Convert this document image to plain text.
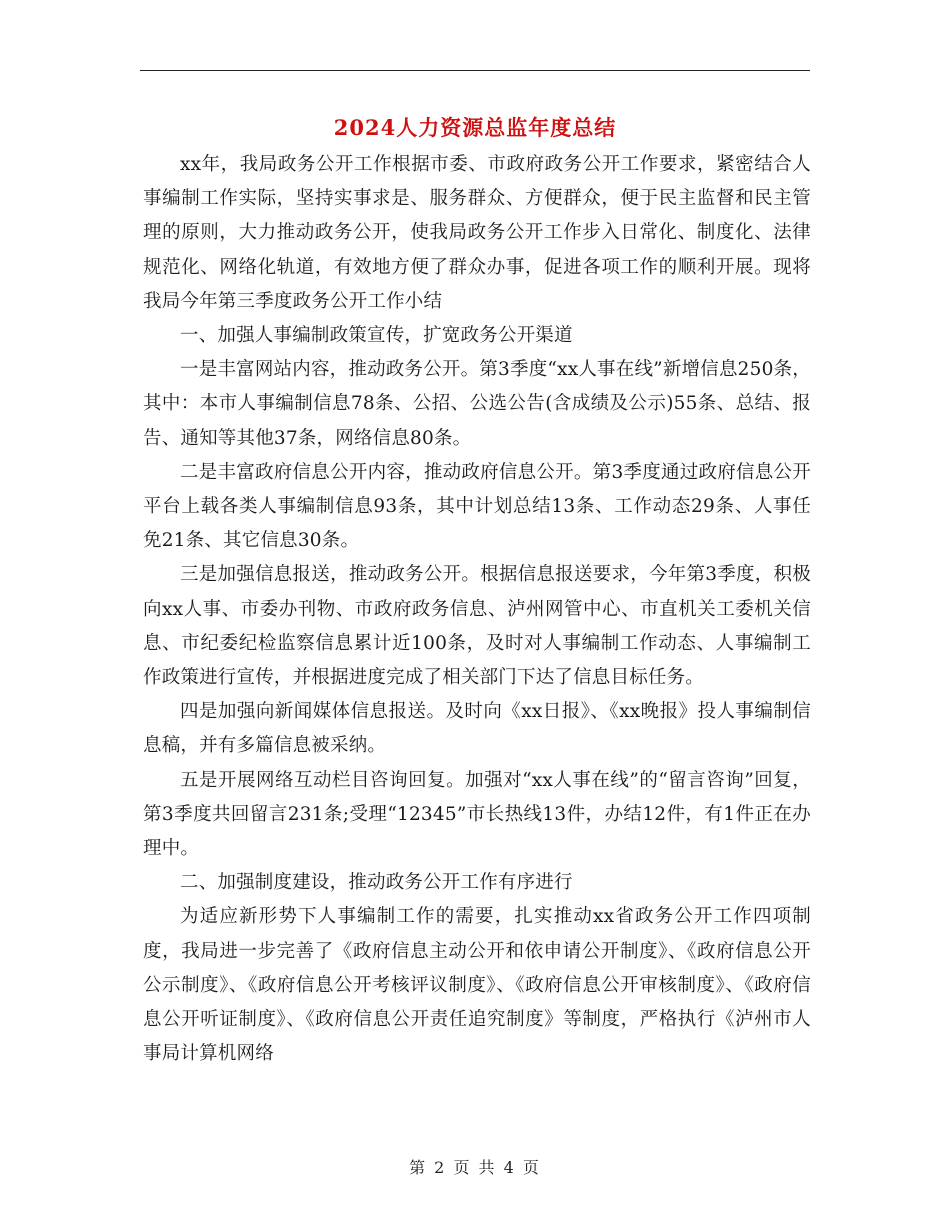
2024人力资源总监年度总结

xx年，我局政务公开工作根据市委、市政府政务公开工作要求，紧密结合人事编制工作实际，坚持实事求是、服务群众、方便群众，便于民主监督和民主管理的原则，大力推动政务公开，使我局政务公开工作步入日常化、制度化、法律规范化、网络化轨道，有效地方便了群众办事，促进各项工作的顺利开展。现将我局今年第三季度政务公开工作小结

一、加强人事编制政策宣传，扩宽政务公开渠道

一是丰富网站内容，推动政务公开。第3季度“xx人事在线”新增信息250条，其中：本市人事编制信息78条、公招、公选公告(含成绩及公示)55条、总结、报告、通知等其他37条，网络信息80条。

二是丰富政府信息公开内容，推动政府信息公开。第3季度通过政府信息公开平台上载各类人事编制信息93条，其中计划总结13条、工作动态29条、人事任免21条、其它信息30条。

三是加强信息报送，推动政务公开。根据信息报送要求，今年第3季度，积极向xx人事、市委办刊物、市政府政务信息、泸州网管中心、市直机关工委机关信息、市纪委纪检监察信息累计近100条，及时对人事编制工作动态、人事编制工作政策进行宣传，并根据进度完成了相关部门下达了信息目标任务。

四是加强向新闻媒体信息报送。及时向《xx日报》、《xx晚报》投人事编制信息稿，并有多篇信息被采纳。

五是开展网络互动栏目咨询回复。加强对“xx人事在线”的“留言咨询”回复，第3季度共回留言231条;受理“12345”市长热线13件，办结12件，有1件正在办理中。

二、加强制度建设，推动政务公开工作有序进行

为适应新形势下人事编制工作的需要，扎实推动xx省政务公开工作四项制度，我局进一步完善了《政府信息主动公开和依申请公开制度》、《政府信息公开公示制度》、《政府信息公开考核评议制度》、《政府信息公开审核制度》、《政府信息公开听证制度》、《政府信息公开责任追究制度》等制度，严格执行《泸州市人事局计算机网络

第 2 页 共 4 页
